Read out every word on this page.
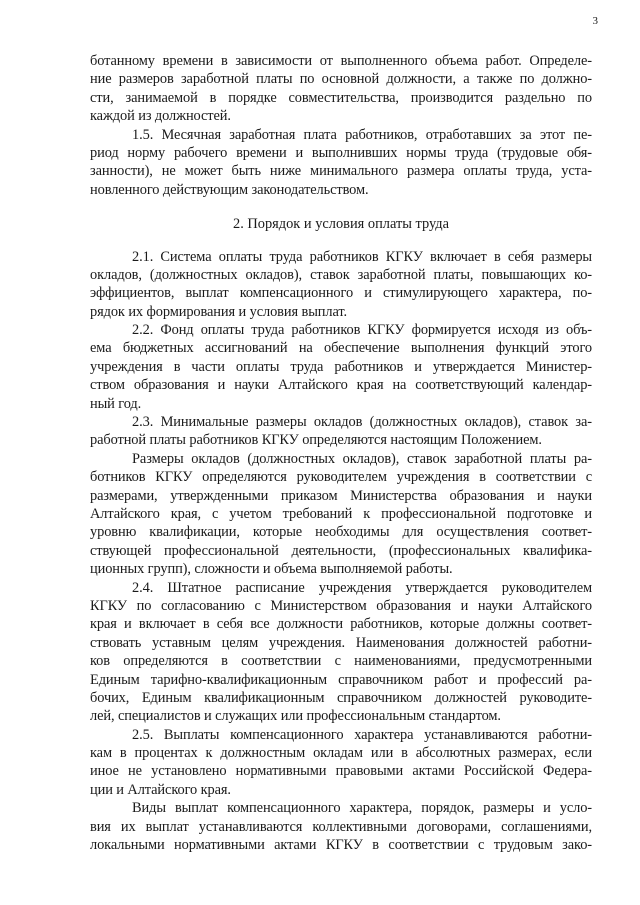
3
ботанному времени в зависимости от выполненного объема работ. Определе-
ние размеров заработной платы по основной должности, а также по должно-
сти, занимаемой в порядке совместительства, производится раздельно по
каждой из должностей.
1.5. Месячная заработная плата работников, отработавших за этот пе-
риод норму рабочего времени и выполнивших нормы труда (трудовые обя-
занности), не может быть ниже минимального размера оплаты труда, уста-
новленного действующим законодательством.
2. Порядок и условия оплаты труда
2.1. Система оплаты труда работников КГКУ включает в себя размеры
окладов, (должностных окладов), ставок заработной платы, повышающих ко-
эффициентов, выплат компенсационного и стимулирующего характера, по-
рядок их формирования и условия выплат.
2.2. Фонд оплаты труда работников КГКУ формируется исходя из объ-
ема бюджетных ассигнований на обеспечение выполнения функций этого
учреждения в части оплаты труда работников и утверждается Министер-
ством образования и науки Алтайского края на соответствующий календар-
ный год.
2.3. Минимальные размеры окладов (должностных окладов), ставок за-
работной платы работников КГКУ определяются настоящим Положением.
Размеры окладов (должностных окладов), ставок заработной платы ра-
ботников КГКУ определяются руководителем учреждения в соответствии с
размерами, утвержденными приказом Министерства образования и науки
Алтайского края, с учетом требований к профессиональной подготовке и
уровню квалификации, которые необходимы для осуществления соответ-
ствующей профессиональной деятельности, (профессиональных квалифика-
ционных групп), сложности и объема выполняемой работы.
2.4. Штатное расписание учреждения утверждается руководителем
КГКУ по согласованию с Министерством образования и науки Алтайского
края и включает в себя все должности работников, которые должны соответ-
ствовать уставным целям учреждения. Наименования должностей работни-
ков определяются в соответствии с наименованиями, предусмотренными
Единым тарифно-квалификационным справочником работ и профессий ра-
бочих, Единым квалификационным справочником должностей руководите-
лей, специалистов и служащих или профессиональным стандартом.
2.5. Выплаты компенсационного характера устанавливаются работни-
кам в процентах к должностным окладам или в абсолютных размерах, если
иное не установлено нормативными правовыми актами Российской Федера-
ции и Алтайского края.
Виды выплат компенсационного характера, порядок, размеры и усло-
вия их выплат устанавливаются коллективными договорами, соглашениями,
локальными нормативными актами КГКУ в соответствии с трудовым зако-
